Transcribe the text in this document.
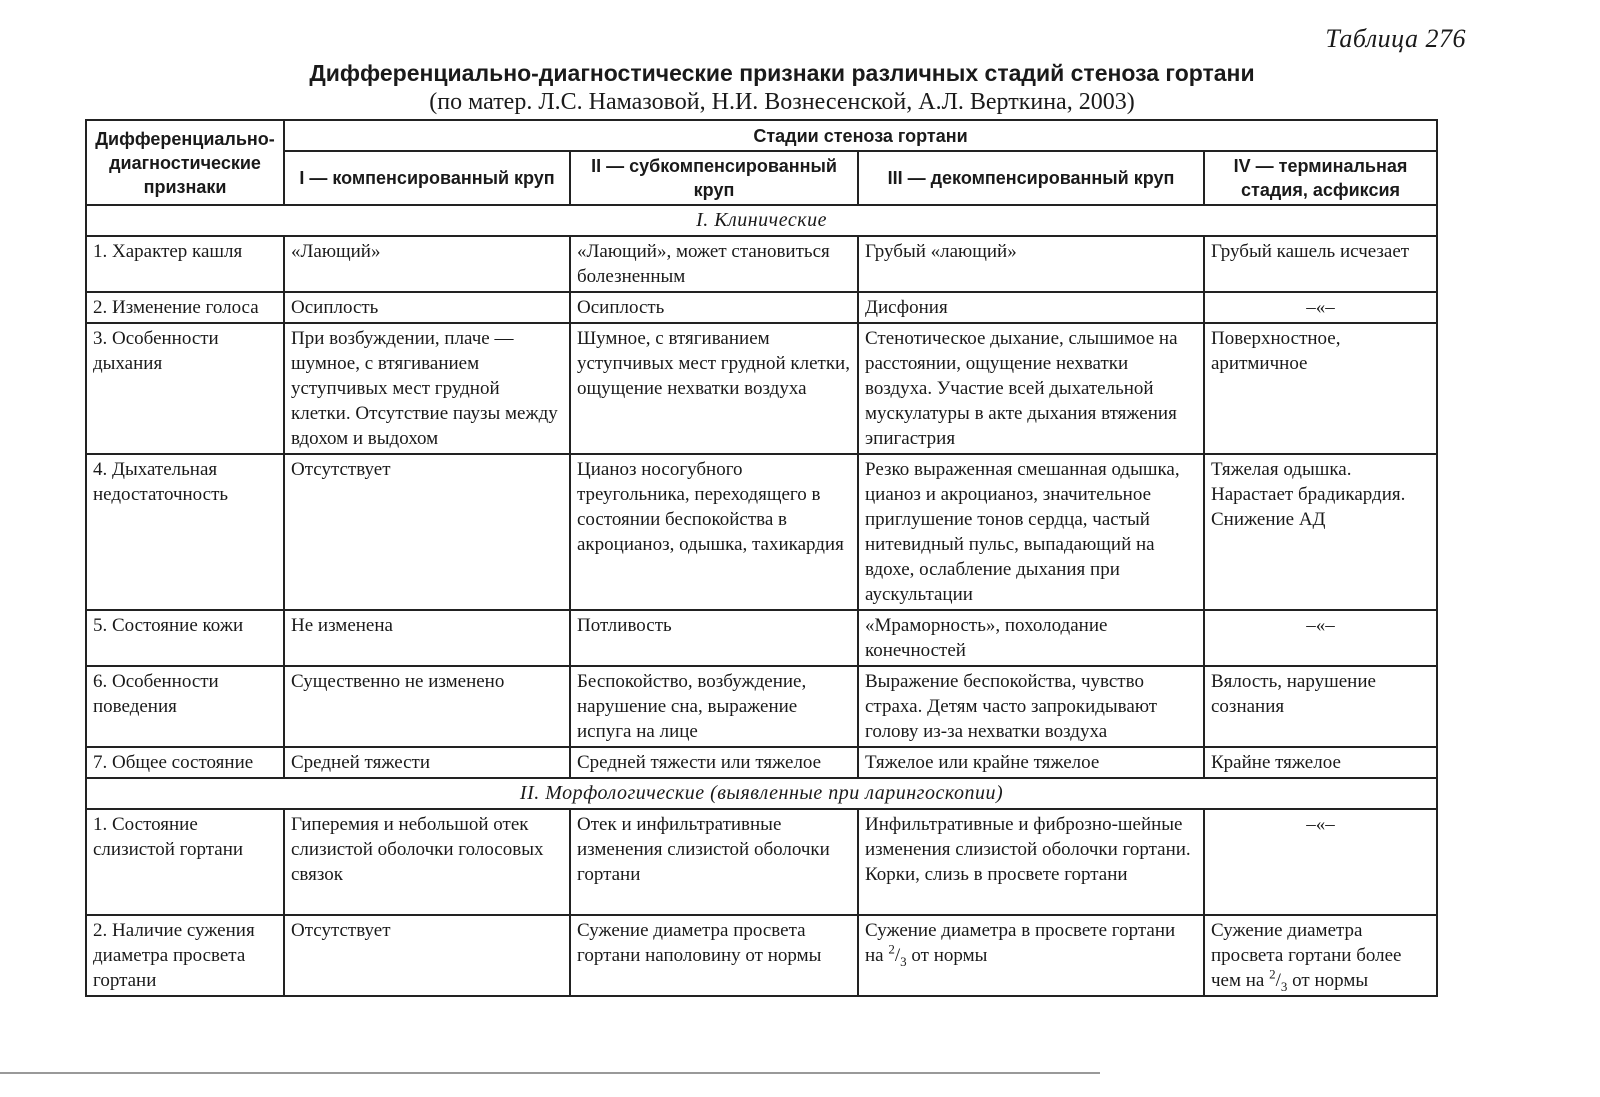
Таблица 276
Дифференциально-диагностические признаки различных стадий стеноза гортани
(по матер. Л.С. Намазовой, Н.И. Вознесенской, А.Л. Верткина, 2003)
Дифференциально-диагностические признаки	Стадии стеноза гортани			
	I — компенсированный круп	II — субкомпенсированный круп	III — декомпенсированный круп	IV — терминальная стадия, асфиксия
I. Клинические				
1. Характер кашля	«Лающий»	«Лающий», может становиться болезненным	Грубый «лающий»	Грубый кашель исчезает
2. Изменение голоса	Осиплость	Осиплость	Дисфония	–«–
3. Особенности дыхания	При возбуждении, плаче — шумное, с втягиванием уступчивых мест грудной клетки. Отсутствие паузы между вдохом и выдохом	Шумное, с втягиванием уступчивых мест грудной клетки, ощущение нехватки воздуха	Стенотическое дыхание, слышимое на расстоянии, ощущение нехватки воздуха. Участие всей дыхательной мускулатуры в акте дыхания втяжения эпигастрия	Поверхностное, аритмичное
4. Дыхательная недостаточность	Отсутствует	Цианоз носогубного треугольника, переходящего в состоянии беспокойства в акроцианоз, одышка, тахикардия	Резко выраженная смешанная одышка, цианоз и акроцианоз, значительное приглушение тонов сердца, частый нитевидный пульс, выпадающий на вдохе, ослабление дыхания при аускультации	Тяжелая одышка. Нарастает брадикардия. Снижение АД
5. Состояние кожи	Не изменена	Потливость	«Мраморность», похолодание конечностей	–«–
6. Особенности поведения	Существенно не изменено	Беспокойство, возбуждение, нарушение сна, выражение испуга на лице	Выражение беспокойства, чувство страха. Детям часто запрокидывают голову из-за нехватки воздуха	Вялость, нарушение сознания
7. Общее состояние	Средней тяжести	Средней тяжести или тяжелое	Тяжелое или крайне тяжелое	Крайне тяжелое
II. Морфологические (выявленные при ларингоскопии)				
1. Состояние слизистой гортани	Гиперемия и небольшой отек слизистой оболочки голосовых связок	Отек и инфильтративные изменения слизистой оболочки гортани	Инфильтративные и фиброзно-шейные изменения слизистой оболочки гортани. Корки, слизь в просвете гортани	–«–
2. Наличие сужения диаметра просвета гортани	Отсутствует	Сужение диаметра просвета гортани наполовину от нормы	Сужение диаметра в просвете гортани на $^2/_3$ от нормы	Сужение диаметра просвета гортани более чем на $^2/_3$ от нормы
